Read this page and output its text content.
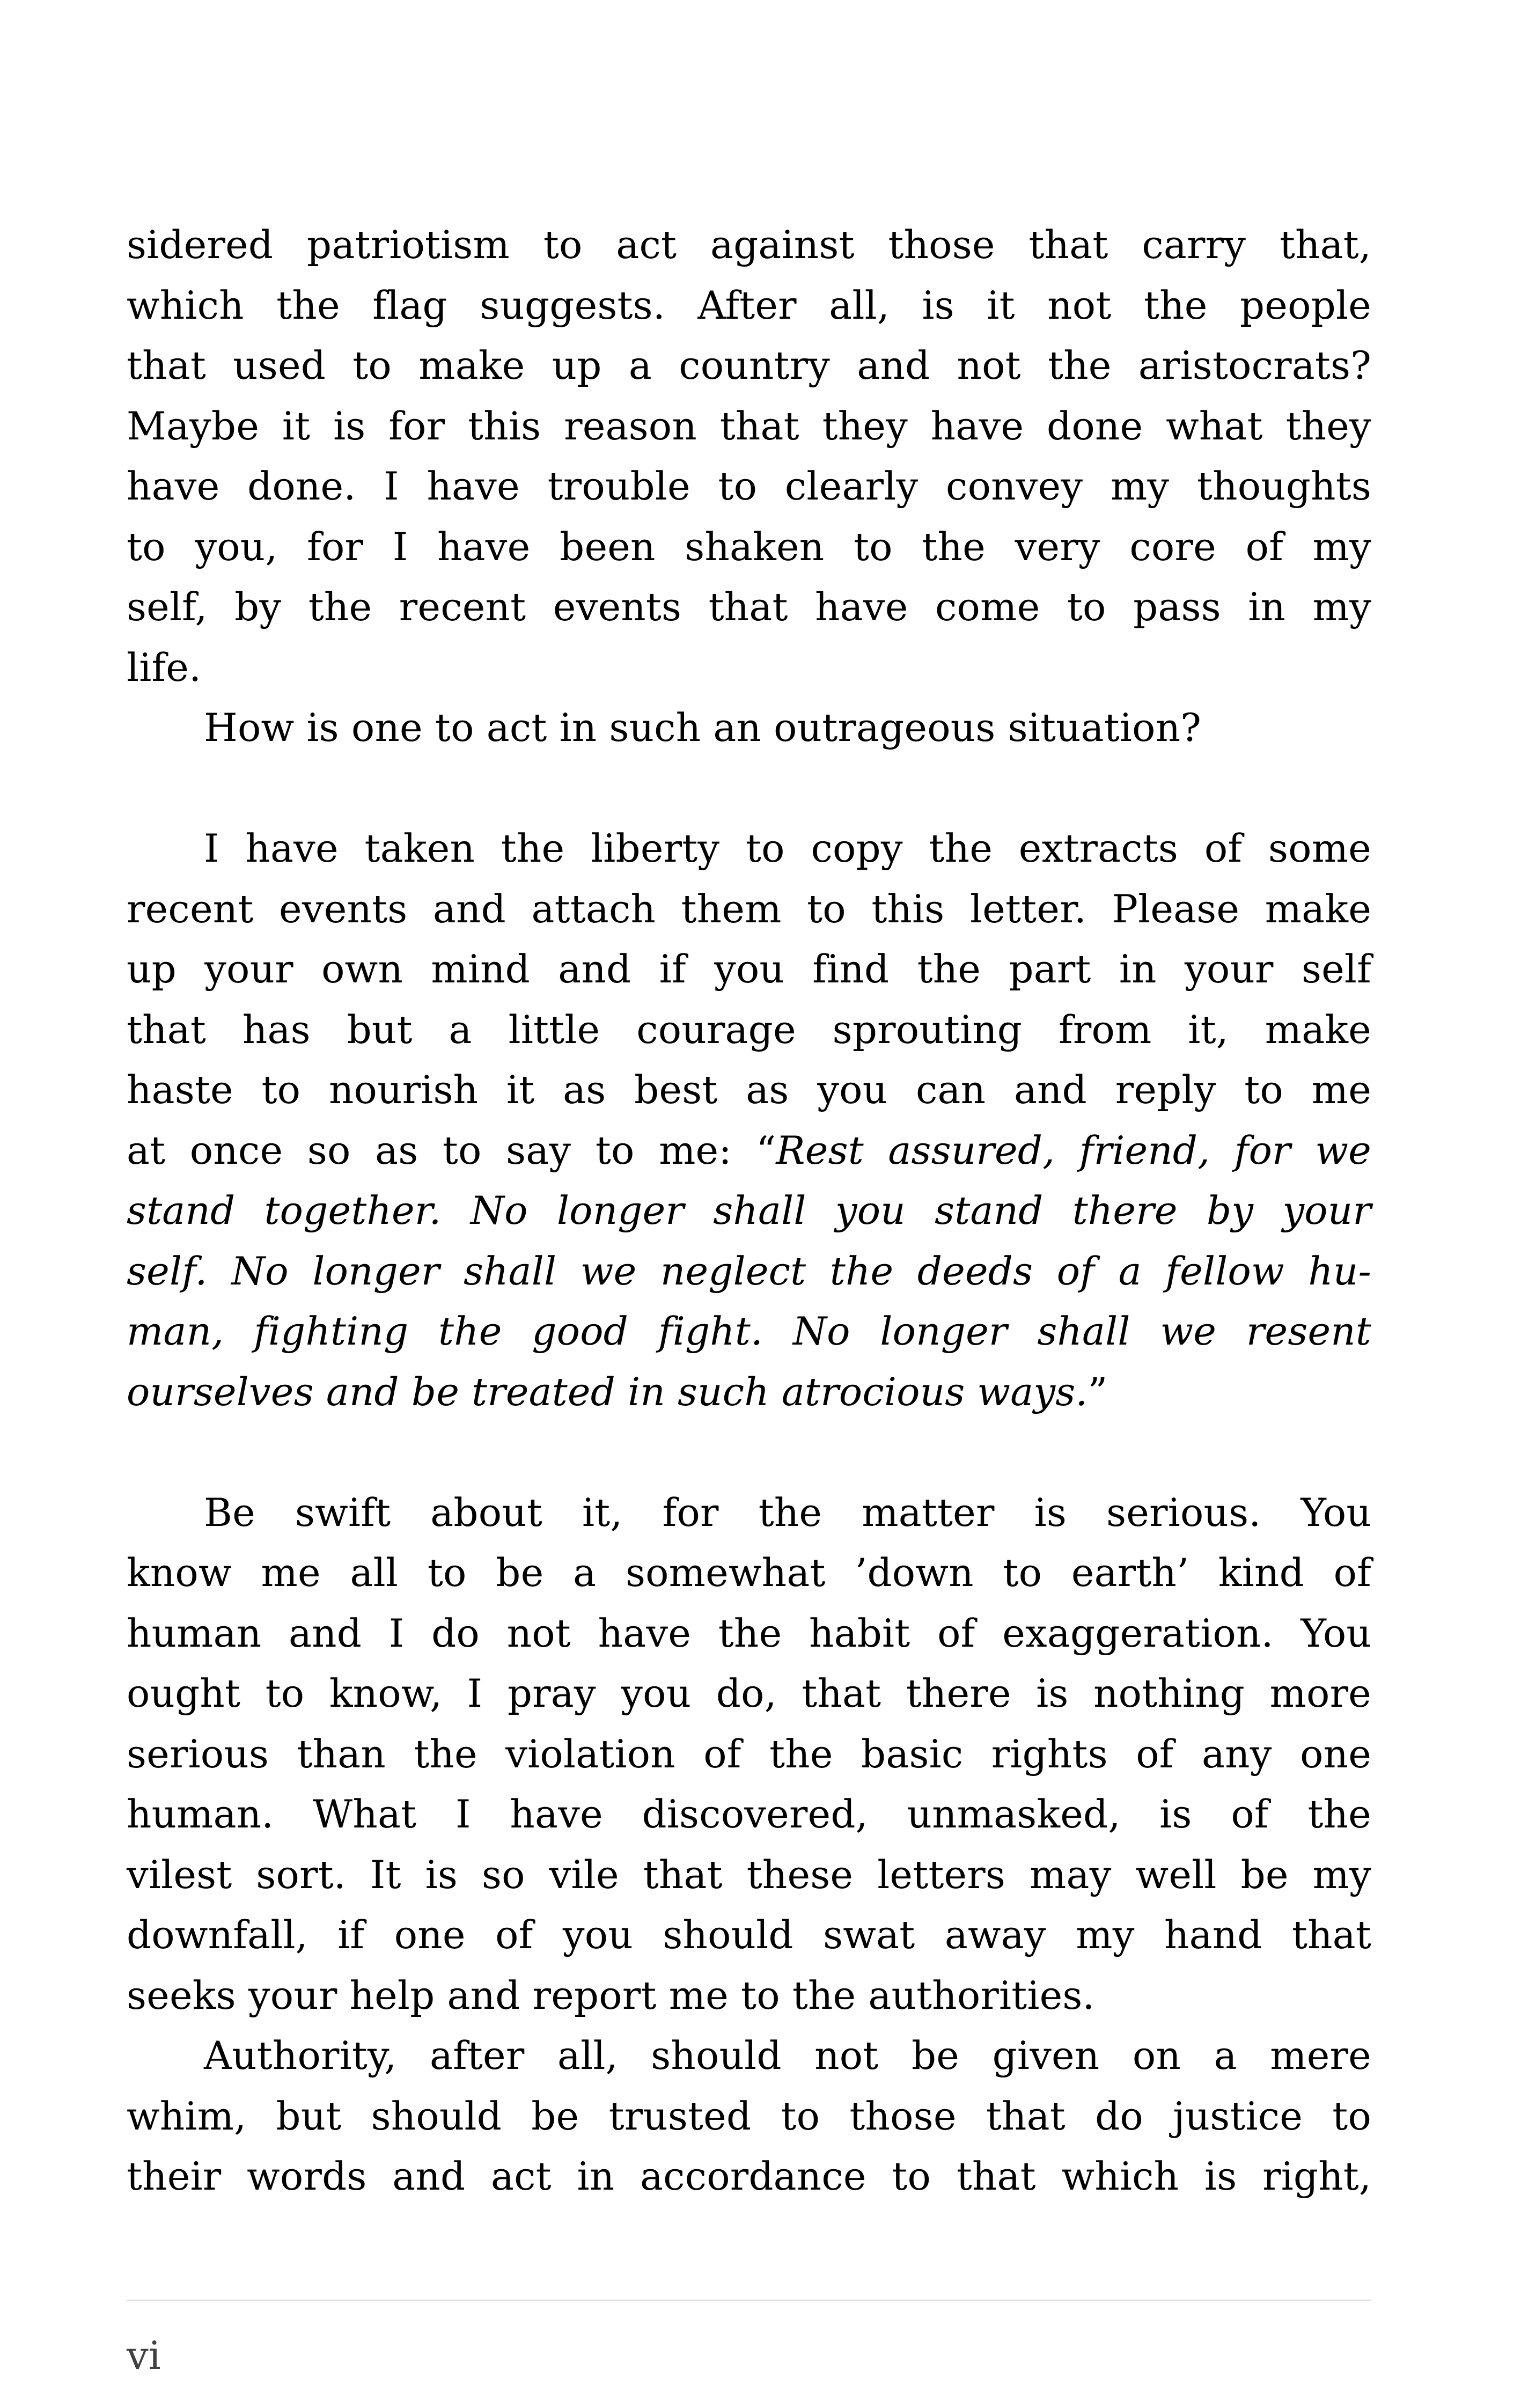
sidered patriotism to act against those that carry that,
which the flag suggests. After all, is it not the people
that used to make up a country and not the aristocrats?
Maybe it is for this reason that they have done what they
have done. I have trouble to clearly convey my thoughts
to you, for I have been shaken to the very core of my
self, by the recent events that have come to pass in my
life.
How is one to act in such an outrageous situation?
I have taken the liberty to copy the extracts of some
recent events and attach them to this letter. Please make
up your own mind and if you find the part in your self
that has but a little courage sprouting from it, make
haste to nourish it as best as you can and reply to me
at once so as to say to me: “Rest assured, friend, for we
stand together. No longer shall you stand there by your
self. No longer shall we neglect the deeds of a fellow hu-
man, fighting the good fight. No longer shall we resent
ourselves and be treated in such atrocious ways.”
Be swift about it, for the matter is serious. You
know me all to be a somewhat ’down to earth’ kind of
human and I do not have the habit of exaggeration. You
ought to know, I pray you do, that there is nothing more
serious than the violation of the basic rights of any one
human. What I have discovered, unmasked, is of the
vilest sort. It is so vile that these letters may well be my
downfall, if one of you should swat away my hand that
seeks your help and report me to the authorities.
Authority, after all, should not be given on a mere
whim, but should be trusted to those that do justice to
their words and act in accordance to that which is right,
vi
